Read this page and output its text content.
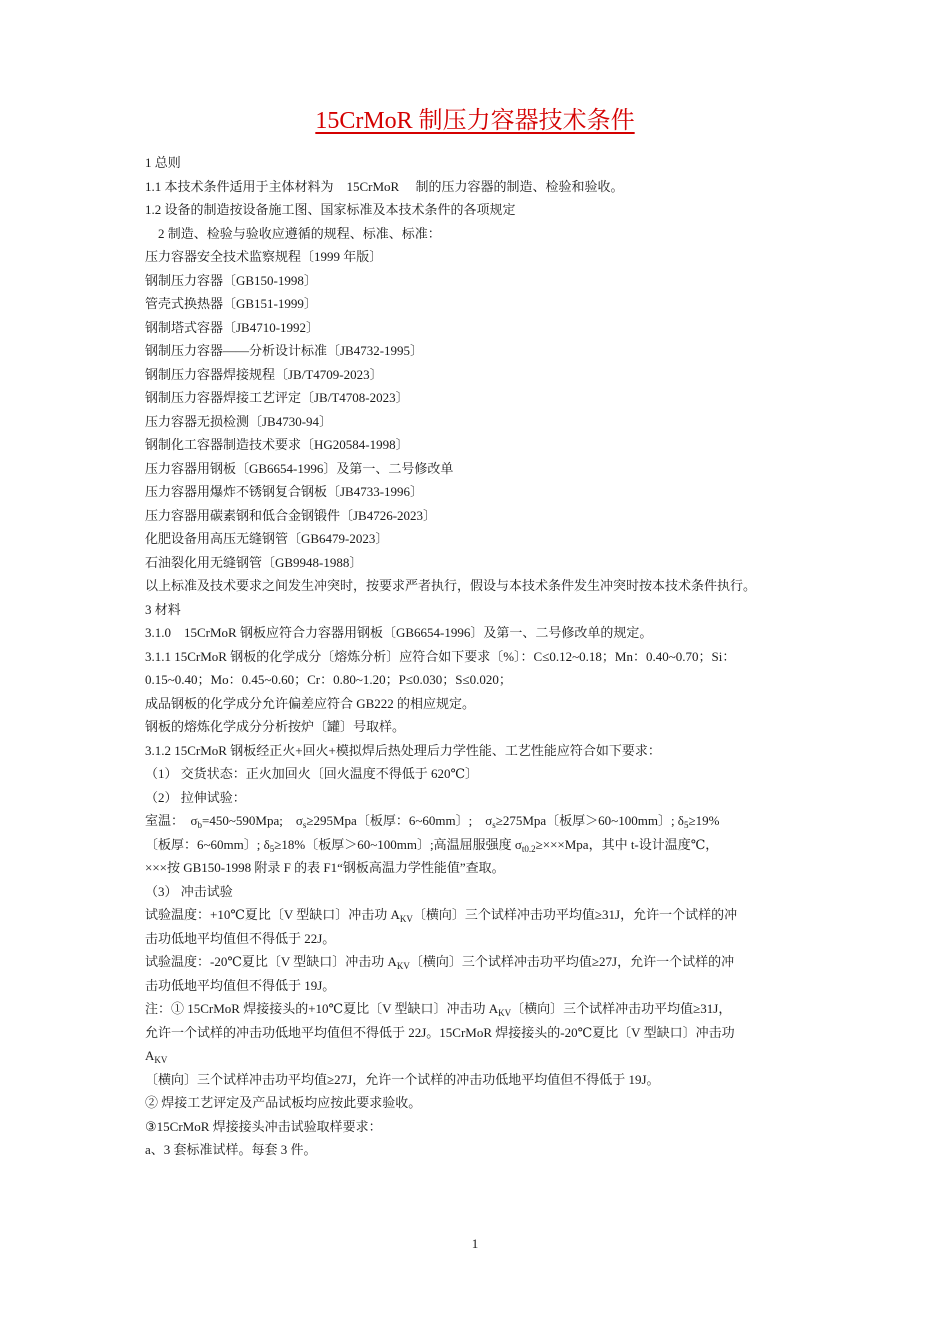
15CrMoR 制压力容器技术条件
1 总则
1.1 本技术条件适用于主体材料为　15CrMoR　 制的压力容器的制造、检验和验收。
1.2 设备的制造按设备施工图、国家标准及本技术条件的各项规定
　2 制造、检验与验收应遵循的规程、标准、标准：
压力容器安全技术监察规程〔1999 年版〕
钢制压力容器〔GB150-1998〕
管壳式换热器〔GB151-1999〕
钢制塔式容器〔JB4710-1992〕
钢制压力容器——分析设计标准〔JB4732-1995〕
钢制压力容器焊接规程〔JB/T4709-2023〕
钢制压力容器焊接工艺评定〔JB/T4708-2023〕
压力容器无损检测〔JB4730-94〕
钢制化工容器制造技术要求〔HG20584-1998〕
压力容器用钢板〔GB6654-1996〕及第一、二号修改单
压力容器用爆炸不锈钢复合钢板〔JB4733-1996〕
压力容器用碳素钢和低合金钢锻件〔JB4726-2023〕
化肥设备用高压无缝钢管〔GB6479-2023〕
石油裂化用无缝钢管〔GB9948-1988〕
以上标准及技术要求之间发生冲突时，按要求严者执行，假设与本技术条件发生冲突时按本技术条件执行。
3 材料
3.1.0　15CrMoR 钢板应符合力容器用钢板〔GB6654-1996〕及第一、二号修改单的规定。
3.1.1 15CrMoR 钢板的化学成分〔熔炼分析〕应符合如下要求〔%〕：C≤0.12~0.18；Mn：0.40~0.70；Si：
0.15~0.40；Mo：0.45~0.60；Cr：0.80~1.20；P≤0.030；S≤0.020；
成品钢板的化学成分允许偏差应符合 GB222 的相应规定。
钢板的熔炼化学成分分析按炉〔罐〕号取样。
3.1.2 15CrMoR 钢板经正火+回火+模拟焊后热处理后力学性能、工艺性能应符合如下要求：
（1） 交货状态：正火加回火〔回火温度不得低于 620℃〕
（2） 拉伸试验：
室温：　$\sigma_b=450\sim 590Mpa$;　$\sigma_s\ge 295Mpa$〔板厚：6~60mm〕;　$\sigma_s\ge 275Mpa$〔板厚＞60~100mm〕; $\delta_5\ge 19\%$
〔板厚：6~60mm〕; $\delta_5\ge 18\%$〔板厚＞60~100mm〕;高温屈服强度 $\sigma_{t0.2}\ge\times\times\times Mpa$，其中 t-设计温度℃，
×××按 GB150-1998 附录 F 的表 F1“钢板高温力学性能值”查取。
（3） 冲击试验
试验温度：+10℃夏比〔V 型缺口〕冲击功 $A_{KV}$〔横向〕三个试样冲击功平均值≥31J，允许一个试样的冲
击功低地平均值但不得低于 22J。
试验温度：-20℃夏比〔V 型缺口〕冲击功 $A_{KV}$〔横向〕三个试样冲击功平均值≥27J，允许一个试样的冲
击功低地平均值但不得低于 19J。
注：① 15CrMoR 焊接接头的+10℃夏比〔V 型缺口〕冲击功 $A_{KV}$〔横向〕三个试样冲击功平均值≥31J，
允许一个试样的冲击功低地平均值但不得低于 22J。15CrMoR 焊接接头的-20℃夏比〔V 型缺口〕冲击功
$A_{KV}$
〔横向〕三个试样冲击功平均值≥27J，允许一个试样的冲击功低地平均值但不得低于 19J。
② 焊接工艺评定及产品试板均应按此要求验收。
③15CrMoR 焊接接头冲击试验取样要求：
a、3 套标准试样。每套 3 件。
1
